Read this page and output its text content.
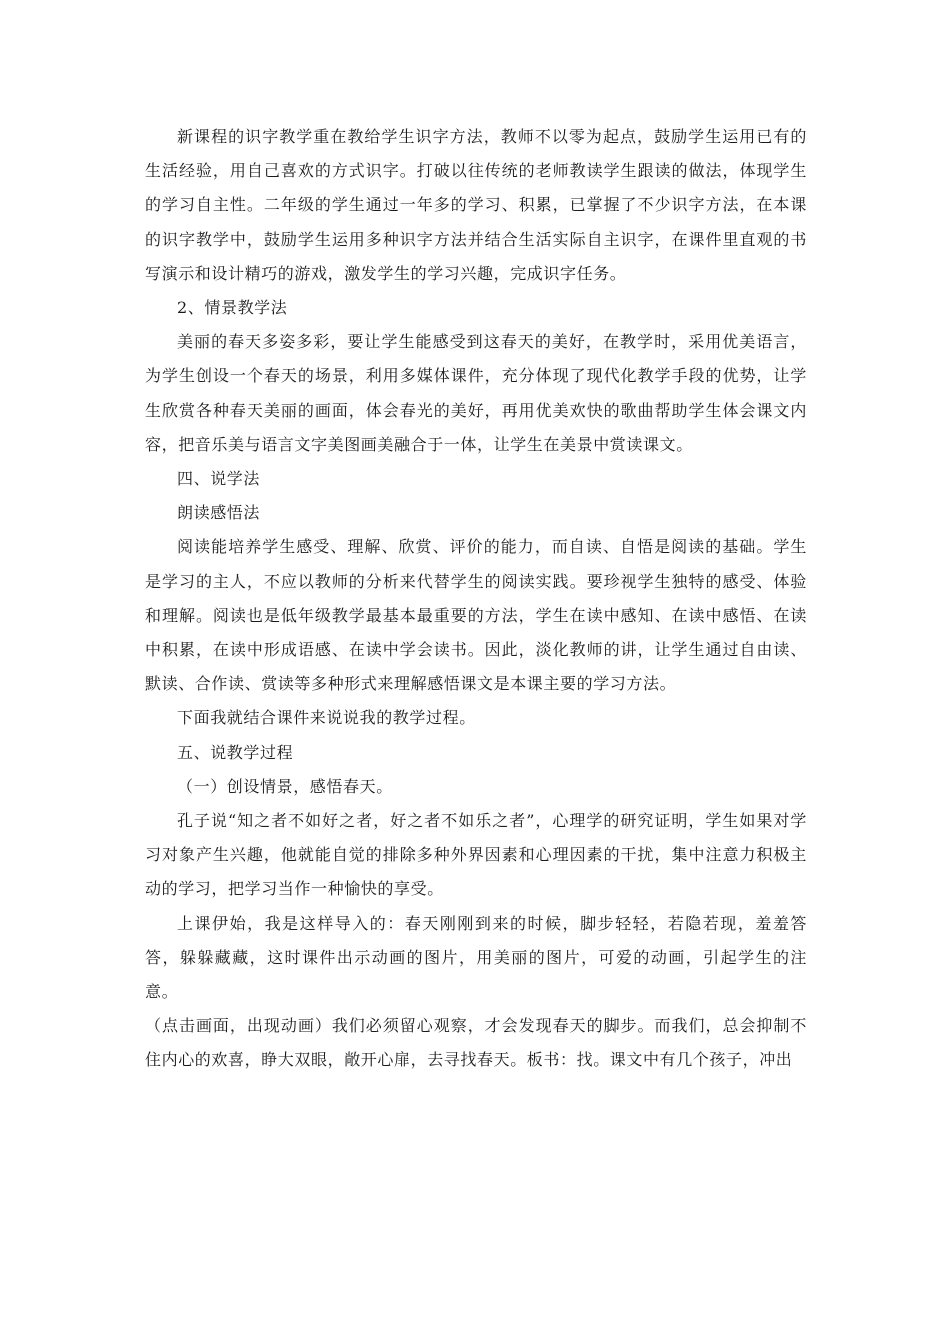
新课程的识字教学重在教给学生识字方法，教师不以零为起点，鼓励学生运用已有的生活经验，用自己喜欢的方式识字。打破以往传统的老师教读学生跟读的做法，体现学生的学习自主性。二年级的学生通过一年多的学习、积累，已掌握了不少识字方法，在本课的识字教学中，鼓励学生运用多种识字方法并结合生活实际自主识字，在课件里直观的书写演示和设计精巧的游戏，激发学生的学习兴趣，完成识字任务。

2、情景教学法

美丽的春天多姿多彩，要让学生能感受到这春天的美好，在教学时，采用优美语言，为学生创设一个春天的场景，利用多媒体课件，充分体现了现代化教学手段的优势，让学生欣赏各种春天美丽的画面，体会春光的美好，再用优美欢快的歌曲帮助学生体会课文内容，把音乐美与语言文字美图画美融合于一体，让学生在美景中赏读课文。

四、说学法

朗读感悟法

阅读能培养学生感受、理解、欣赏、评价的能力，而自读、自悟是阅读的基础。学生是学习的主人，不应以教师的分析来代替学生的阅读实践。要珍视学生独特的感受、体验和理解。阅读也是低年级教学最基本最重要的方法，学生在读中感知、在读中感悟、在读中积累，在读中形成语感、在读中学会读书。因此，淡化教师的讲，让学生通过自由读、默读、合作读、赏读等多种形式来理解感悟课文是本课主要的学习方法。

下面我就结合课件来说说我的教学过程。

五、说教学过程

（一）创设情景，感悟春天。

孔子说“知之者不如好之者，好之者不如乐之者”，心理学的研究证明，学生如果对学习对象产生兴趣，他就能自觉的排除多种外界因素和心理因素的干扰，集中注意力积极主动的学习，把学习当作一种愉快的享受。

上课伊始，我是这样导入的：春天刚刚到来的时候，脚步轻轻，若隐若现，羞羞答答，躲躲藏藏，这时课件出示动画的图片，用美丽的图片，可爱的动画，引起学生的注意。

（点击画面，出现动画）我们必须留心观察，才会发现春天的脚步。而我们，总会抑制不住内心的欢喜，睁大双眼，敞开心扉，去寻找春天。板书：找。课文中有几个孩子，冲出
